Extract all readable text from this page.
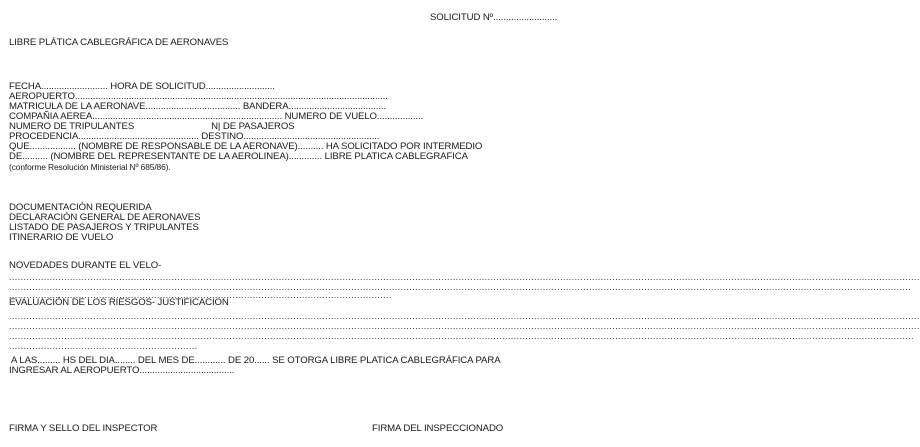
SOLICITUD Nº.........................
LIBRE PLÁTICA CABLEGRÁFICA DE AERONAVES
FECHA.......................... HORA DE SOLICITUD...........................
AEROPUERTO..........................................................................................................................
MATRICULA DE LA AERONAVE..................................... BANDERA......................................
COMPAÑIA AEREA.......................................................................... NUMERO DE VUELO..................
NUMERO DE TRIPULANTES                              N| DE PASAJEROS
PROCEDENCIA............................................... DESTINO.....................................................
QUE.................. (NOMBRE DE RESPONSABLE DE LA AERONAVE).......... HA SOLICITADO POR INTERMEDIO
DE.......... (NOMBRE DEL REPRESENTANTE DE LA AEROLINEA)............. LIBRE PLATICA CABLEGRAFICA
(conforme Resolución Ministerial Nº 685/86).
DOCUMENTACIÓN REQUERIDA
DECLARACIÓN GENERAL DE AERONAVES
LISTADO DE PASAJEROS Y TRIPULANTES
ITINERARIO DE VUELO
NOVEDADES DURANTE EL VELO-
..........................................................................................................................................................................................................................................................................................................................
.......................................................................................................................................................................................................................................................................................................................
....................................................................................................................................
EVALUACIÓN DE LOS RIESGOS- JUSTIFICACION
..........................................................................................................................................................................................................................................................................................................................
..........................................................................................................................................................................................................................................................................................................................
........................................................................................................................................................................................................................................................................................................................
.................................................................
A LAS......... HS DEL DIA........ DEL MES DE............ DE 20...... SE OTORGA LIBRE PLATICA CABLEGRÁFICA PARA
INGRESAR AL AEROPUERTO.....................................
FIRMA Y SELLO DEL INSPECTOR	FIRMA DEL INSPECCIONADO
